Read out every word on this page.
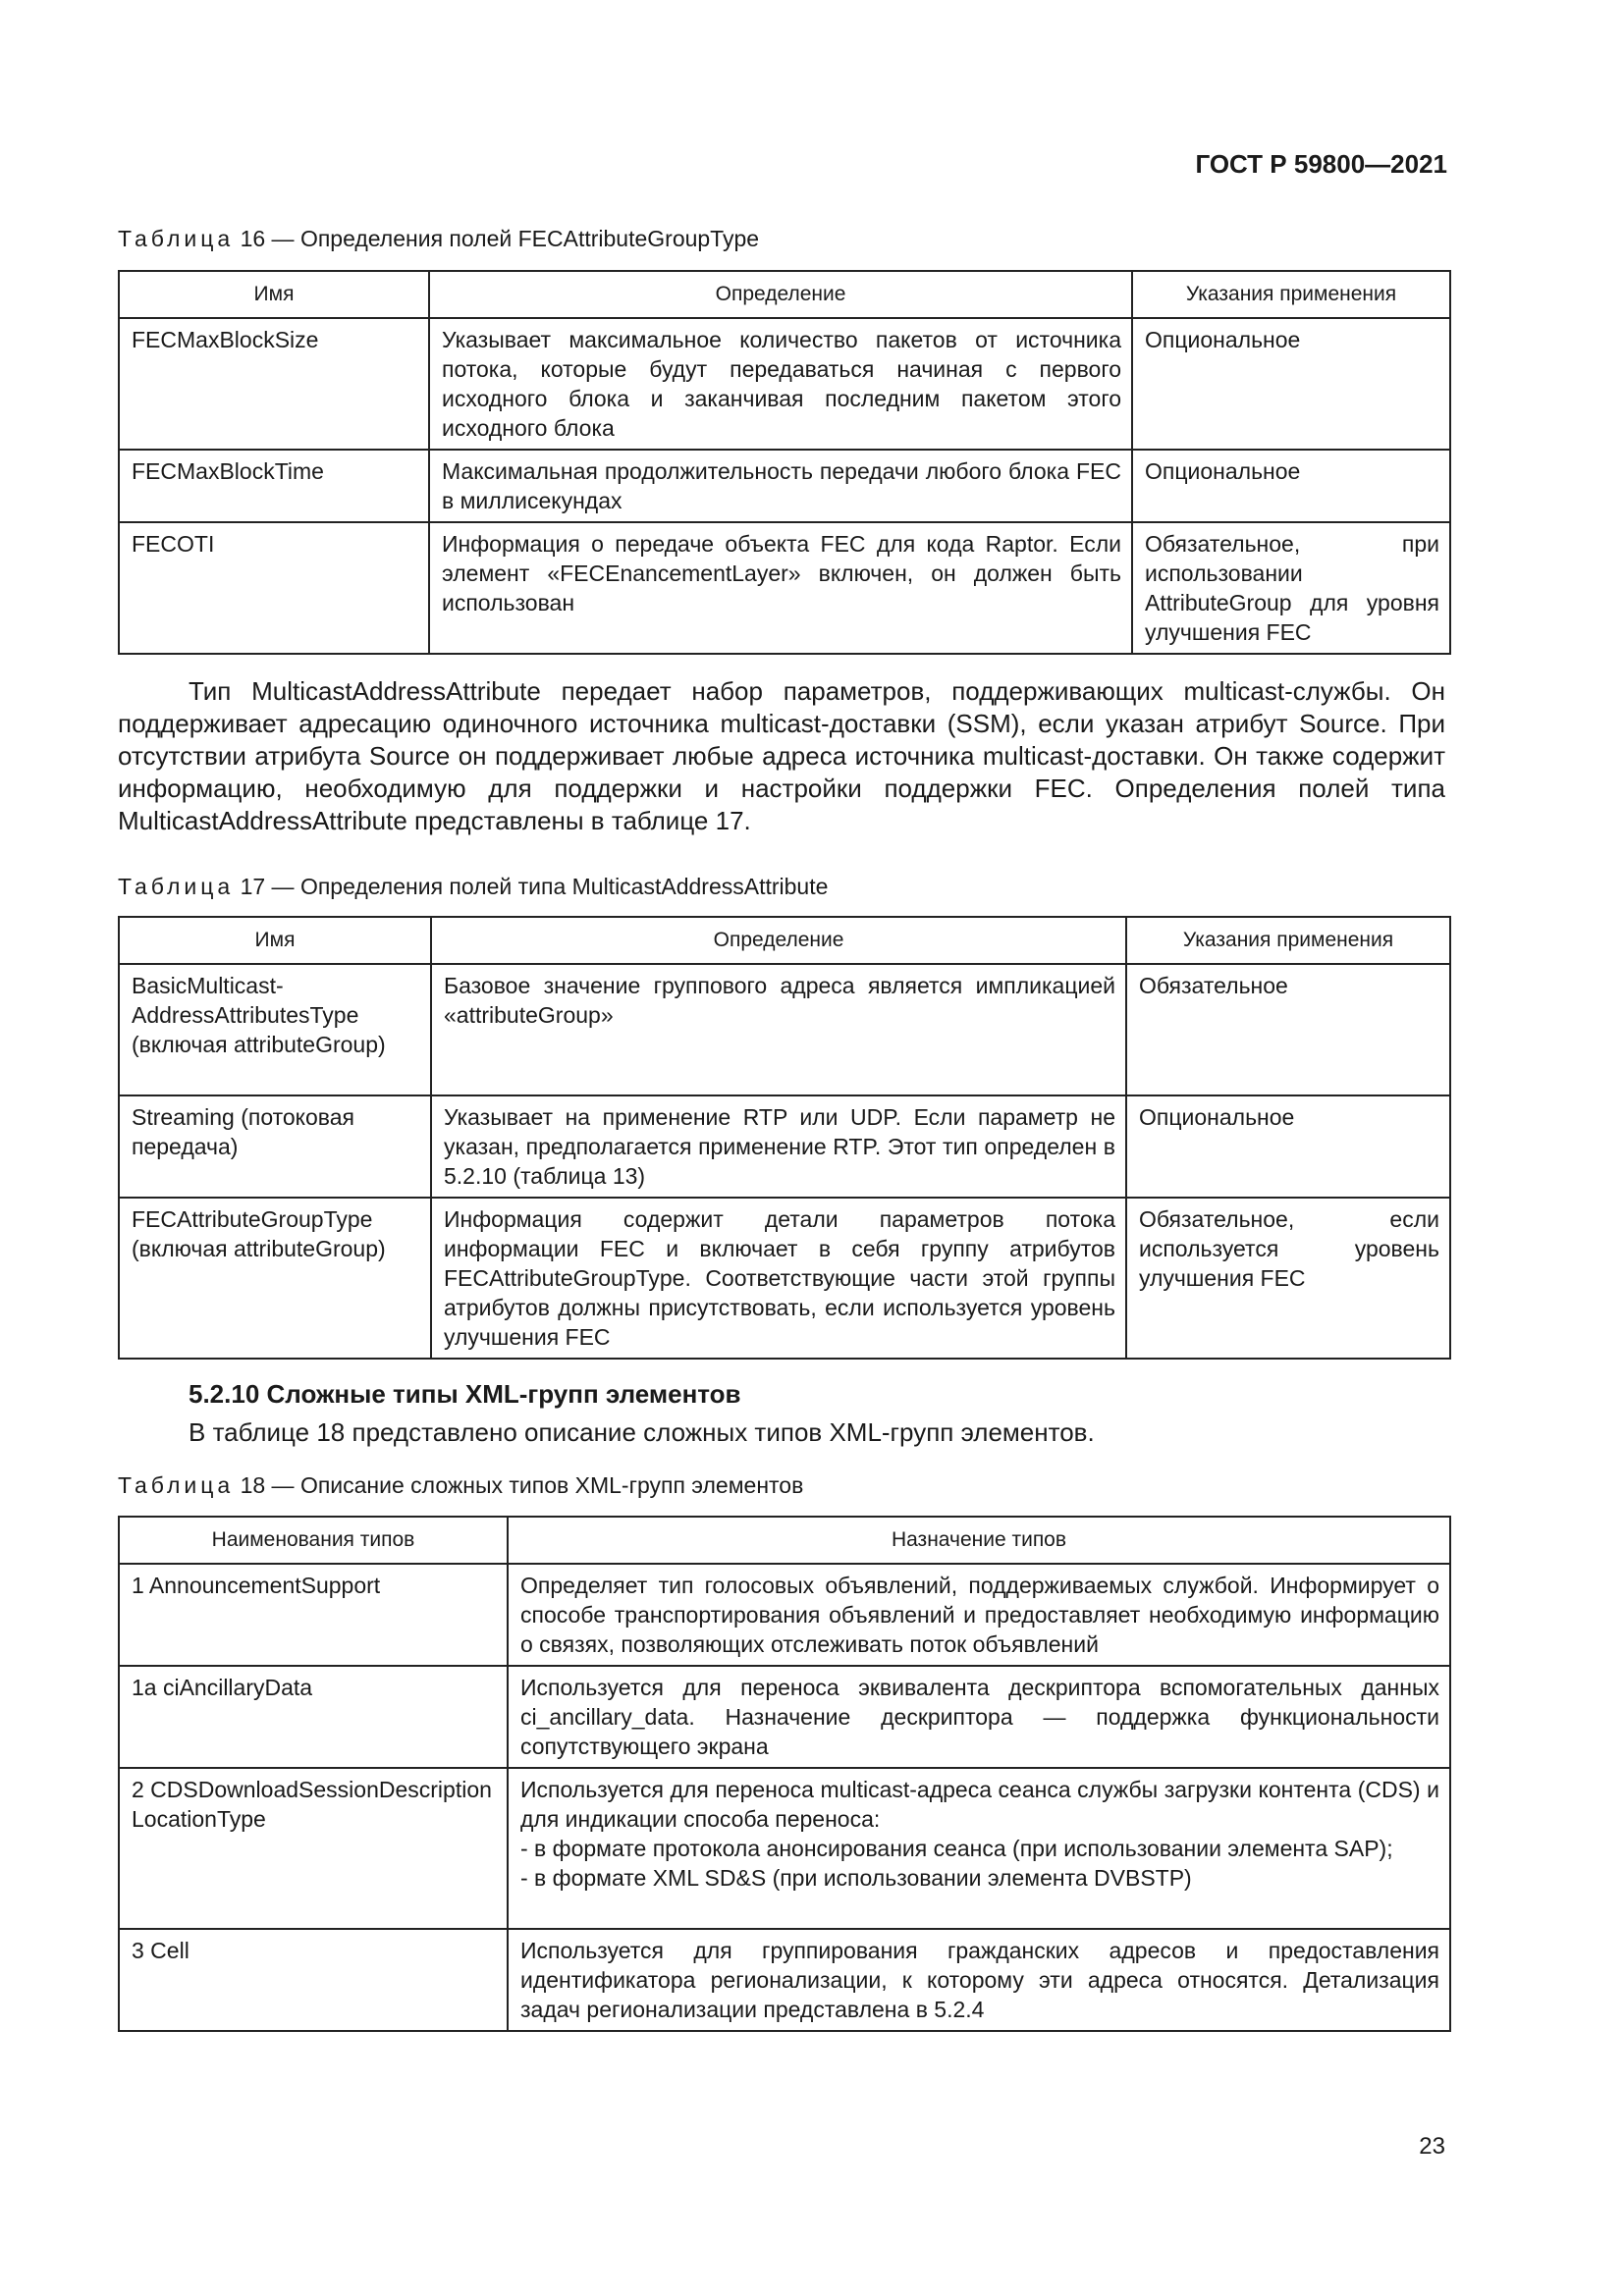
ГОСТ Р 59800—2021
Таблица 16 — Определения полей FECAttributeGroupType
Имя	Определение	Указания применения
FECMaxBlockSize	Указывает максимальное количество пакетов от источника потока, которые будут передаваться начиная с первого исходного блока и заканчивая последним пакетом этого исходного блока	Опциональное
FECMaxBlockTime	Максимальная продолжительность передачи любого блока FEC в миллисекундах	Опциональное
FECOTI	Информация о передаче объекта FEC для кода Raptor. Если элемент «FECEnancementLayer» включен, он должен быть использован	Обязательное, при использовании AttributeGroup для уровня улучшения FEC

Тип MulticastAddressAttribute передает набор параметров, поддерживающих multicast-службы. Он поддерживает адресацию одиночного источника multicast-доставки (SSM), если указан атрибут Source. При отсутствии атрибута Source он поддерживает любые адреса источника multicast-доставки. Он также содержит информацию, необходимую для поддержки и настройки поддержки FEC. Определения полей типа MulticastAddressAttribute представлены в таблице 17.

Таблица 17 — Определения полей типа MulticastAddressAttribute
Имя	Определение	Указания применения
BasicMulticast-AddressAttributesType (включая attributeGroup)	Базовое значение группового адреса является импликацией «attributeGroup»	Обязательное
Streaming (потоковая передача)	Указывает на применение RTP или UDP. Если параметр не указан, предполагается применение RTP. Этот тип определен в 5.2.10 (таблица 13)	Опциональное
FECAttributeGroupType (включая attributeGroup)	Информация содержит детали параметров потока информации FEC и включает в себя группу атрибутов FECAttributeGroupType. Соответствующие части этой группы атрибутов должны присутствовать, если используется уровень улучшения FEC	Обязательное, если используется уровень улучшения FEC
5.2.10 Сложные типы XML-групп элементов
В таблице 18 представлено описание сложных типов XML-групп элементов.
Таблица 18 — Описание сложных типов XML-групп элементов
Наименования типов	Назначение типов
1 AnnouncementSupport	Определяет тип голосовых объявлений, поддерживаемых службой. Информирует о способе транспортирования объявлений и предоставляет необходимую информацию о связях, позволяющих отслеживать поток объявлений
1a ciAncillaryData	Используется для переноса эквивалента дескриптора вспомогательных данных ci_ancillary_data. Назначение дескриптора — поддержка функциональности сопутствующего экрана
2 CDSDownloadSessionDescriptionLocationType	Используется для переноса multicast-адреса сеанса службы загрузки контента (CDS) и для индикации способа переноса:
- в формате протокола анонсирования сеанса (при использовании элемента SAP);
- в формате XML SD&S (при использовании элемента DVBSTP)
3 Cell	Используется для группирования гражданских адресов и предоставления идентификатора регионализации, к которому эти адреса относятся. Детализация задач регионализации представлена в 5.2.4
23
